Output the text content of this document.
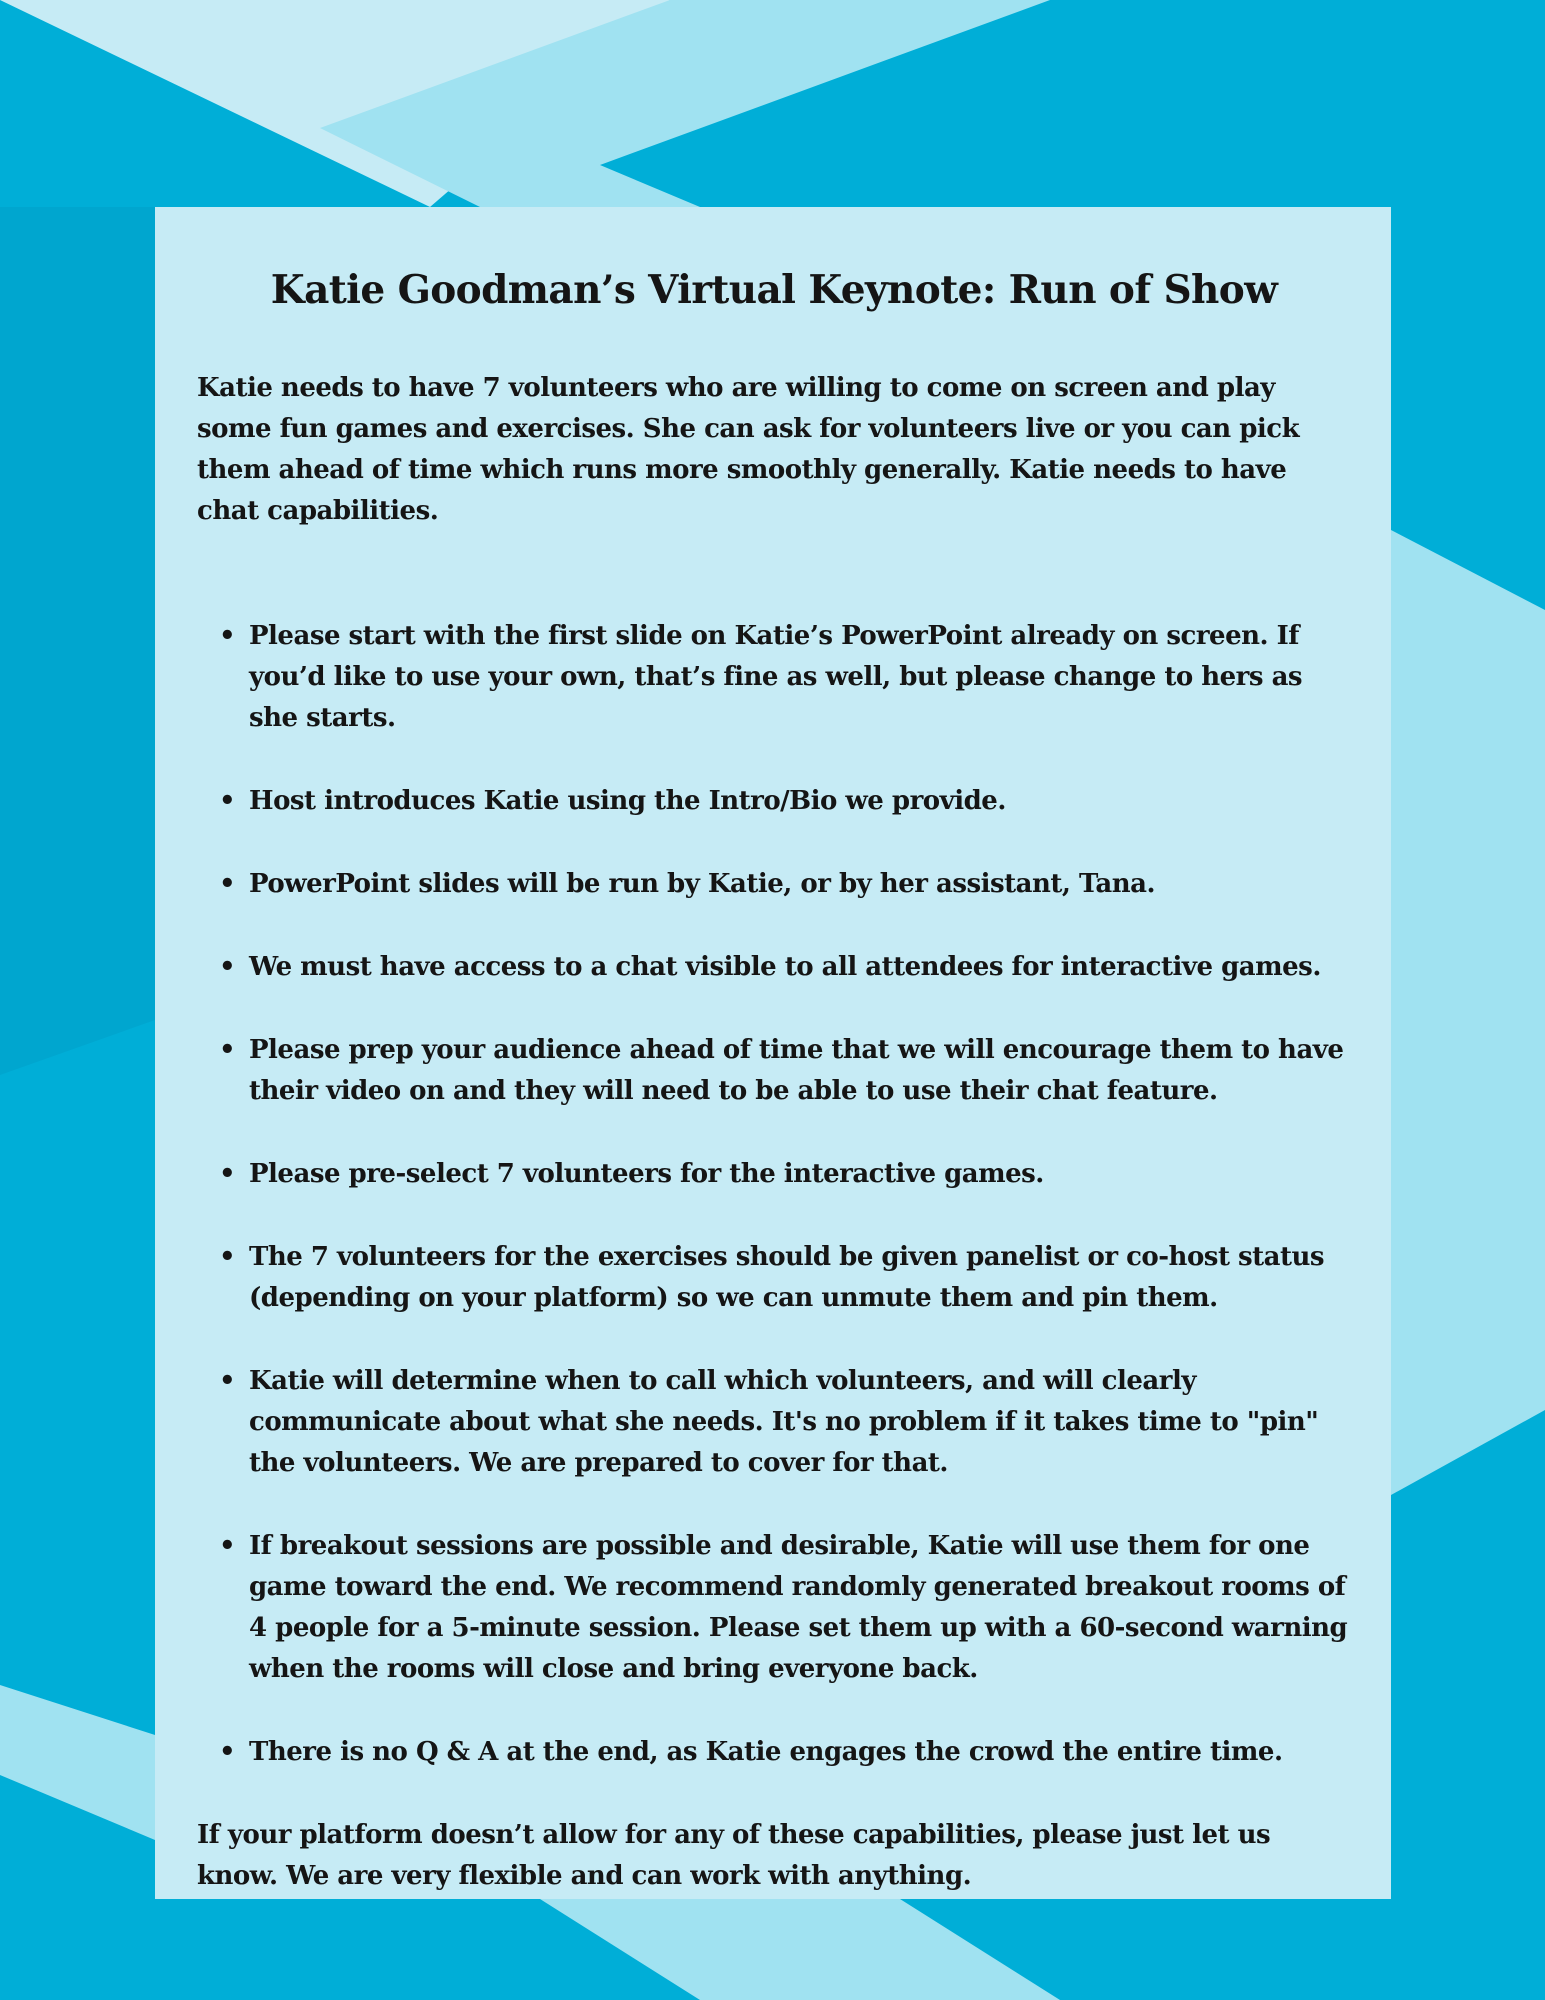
Katie Goodman’s Virtual Keynote: Run of Show

Katie needs to have 7 volunteers who are willing to come on screen and play some fun games and exercises. She can ask for volunteers live or you can pick them ahead of time which runs more smoothly generally. Katie needs to have chat capabilities.

• Please start with the first slide on Katie’s PowerPoint already on screen. If you’d like to use your own, that’s fine as well, but please change to hers as she starts.
• Host introduces Katie using the Intro/Bio we provide.
• PowerPoint slides will be run by Katie, or by her assistant, Tana.
• We must have access to a chat visible to all attendees for interactive games.
• Please prep your audience ahead of time that we will encourage them to have their video on and they will need to be able to use their chat feature.
• Please pre-select 7 volunteers for the interactive games.
• The 7 volunteers for the exercises should be given panelist or co-host status (depending on your platform) so we can unmute them and pin them.
• Katie will determine when to call which volunteers, and will clearly communicate about what she needs. It's no problem if it takes time to "pin" the volunteers. We are prepared to cover for that.
• If breakout sessions are possible and desirable, Katie will use them for one game toward the end. We recommend randomly generated breakout rooms of 4 people for a 5-minute session. Please set them up with a 60-second warning when the rooms will close and bring everyone back.
• There is no Q & A at the end, as Katie engages the crowd the entire time.

If your platform doesn’t allow for any of these capabilities, please just let us know. We are very flexible and can work with anything.
